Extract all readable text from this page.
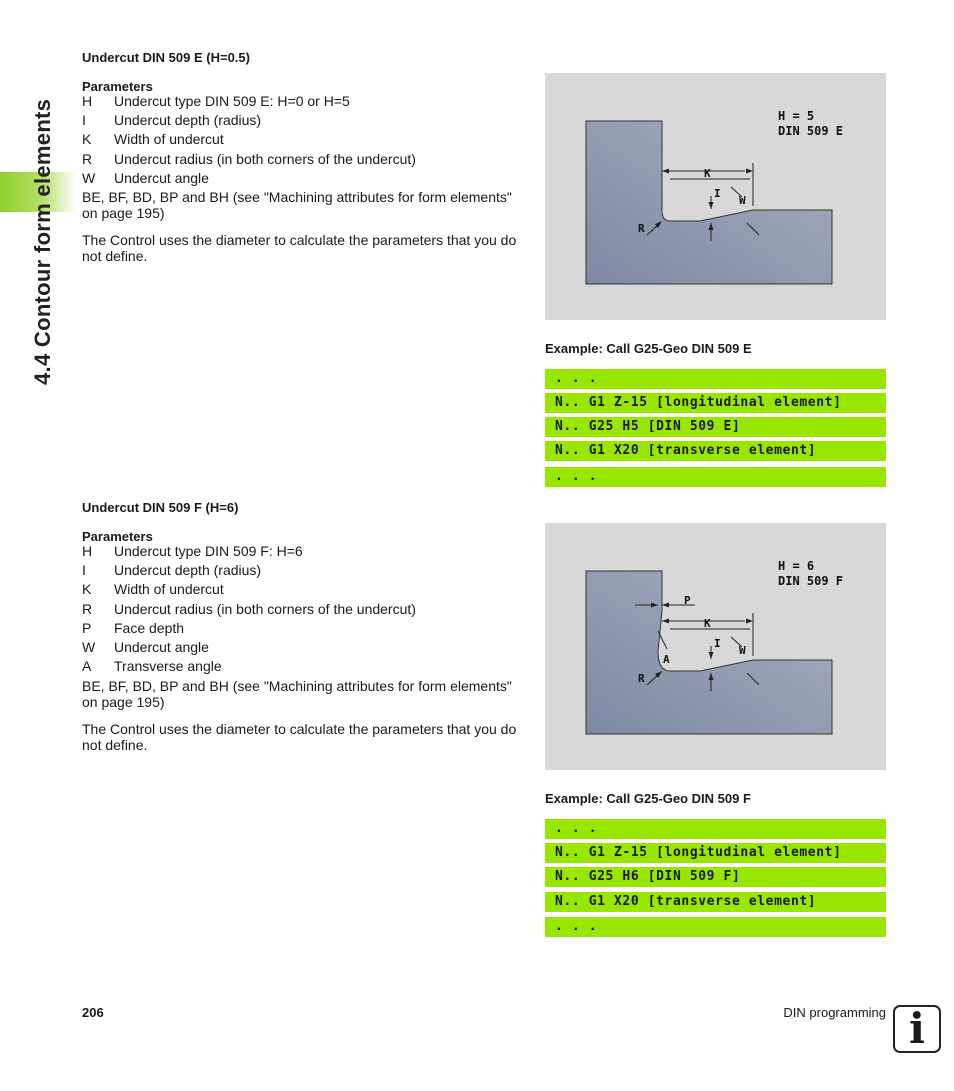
4.4 Contour form elements
Undercut DIN 509 E (H=0.5)
Parameters
H	Undercut type DIN 509 E: H=0 or H=5
I	Undercut depth (radius)
K	Width of undercut
R	Undercut radius (in both corners of the undercut)
W	Undercut angle
BE, BF, BD, BP and BH (see "Machining attributes for form elements" on page 195)
The Control uses the diameter to calculate the parameters that you do not define.
H = 5
DIN 509 E
K
I
W
R
Example: Call G25-Geo DIN 509 E
. . .
N.. G1 Z-15 [longitudinal element]
N.. G25 H5 [DIN 509 E]
N.. G1 X20 [transverse element]
. . .
Undercut DIN 509 F (H=6)
Parameters
H	Undercut type DIN 509 F: H=6
I	Undercut depth (radius)
K	Width of undercut
R	Undercut radius (in both corners of the undercut)
P	Face depth
W	Undercut angle
A	Transverse angle
BE, BF, BD, BP and BH (see "Machining attributes for form elements" on page 195)
The Control uses the diameter to calculate the parameters that you do not define.
H = 6
DIN 509 F
P
K
I
W
A
R
Example: Call G25-Geo DIN 509 F
. . .
N.. G1 Z-15 [longitudinal element]
N.. G25 H6 [DIN 509 F]
N.. G1 X20 [transverse element]
. . .
206	DIN programming i
